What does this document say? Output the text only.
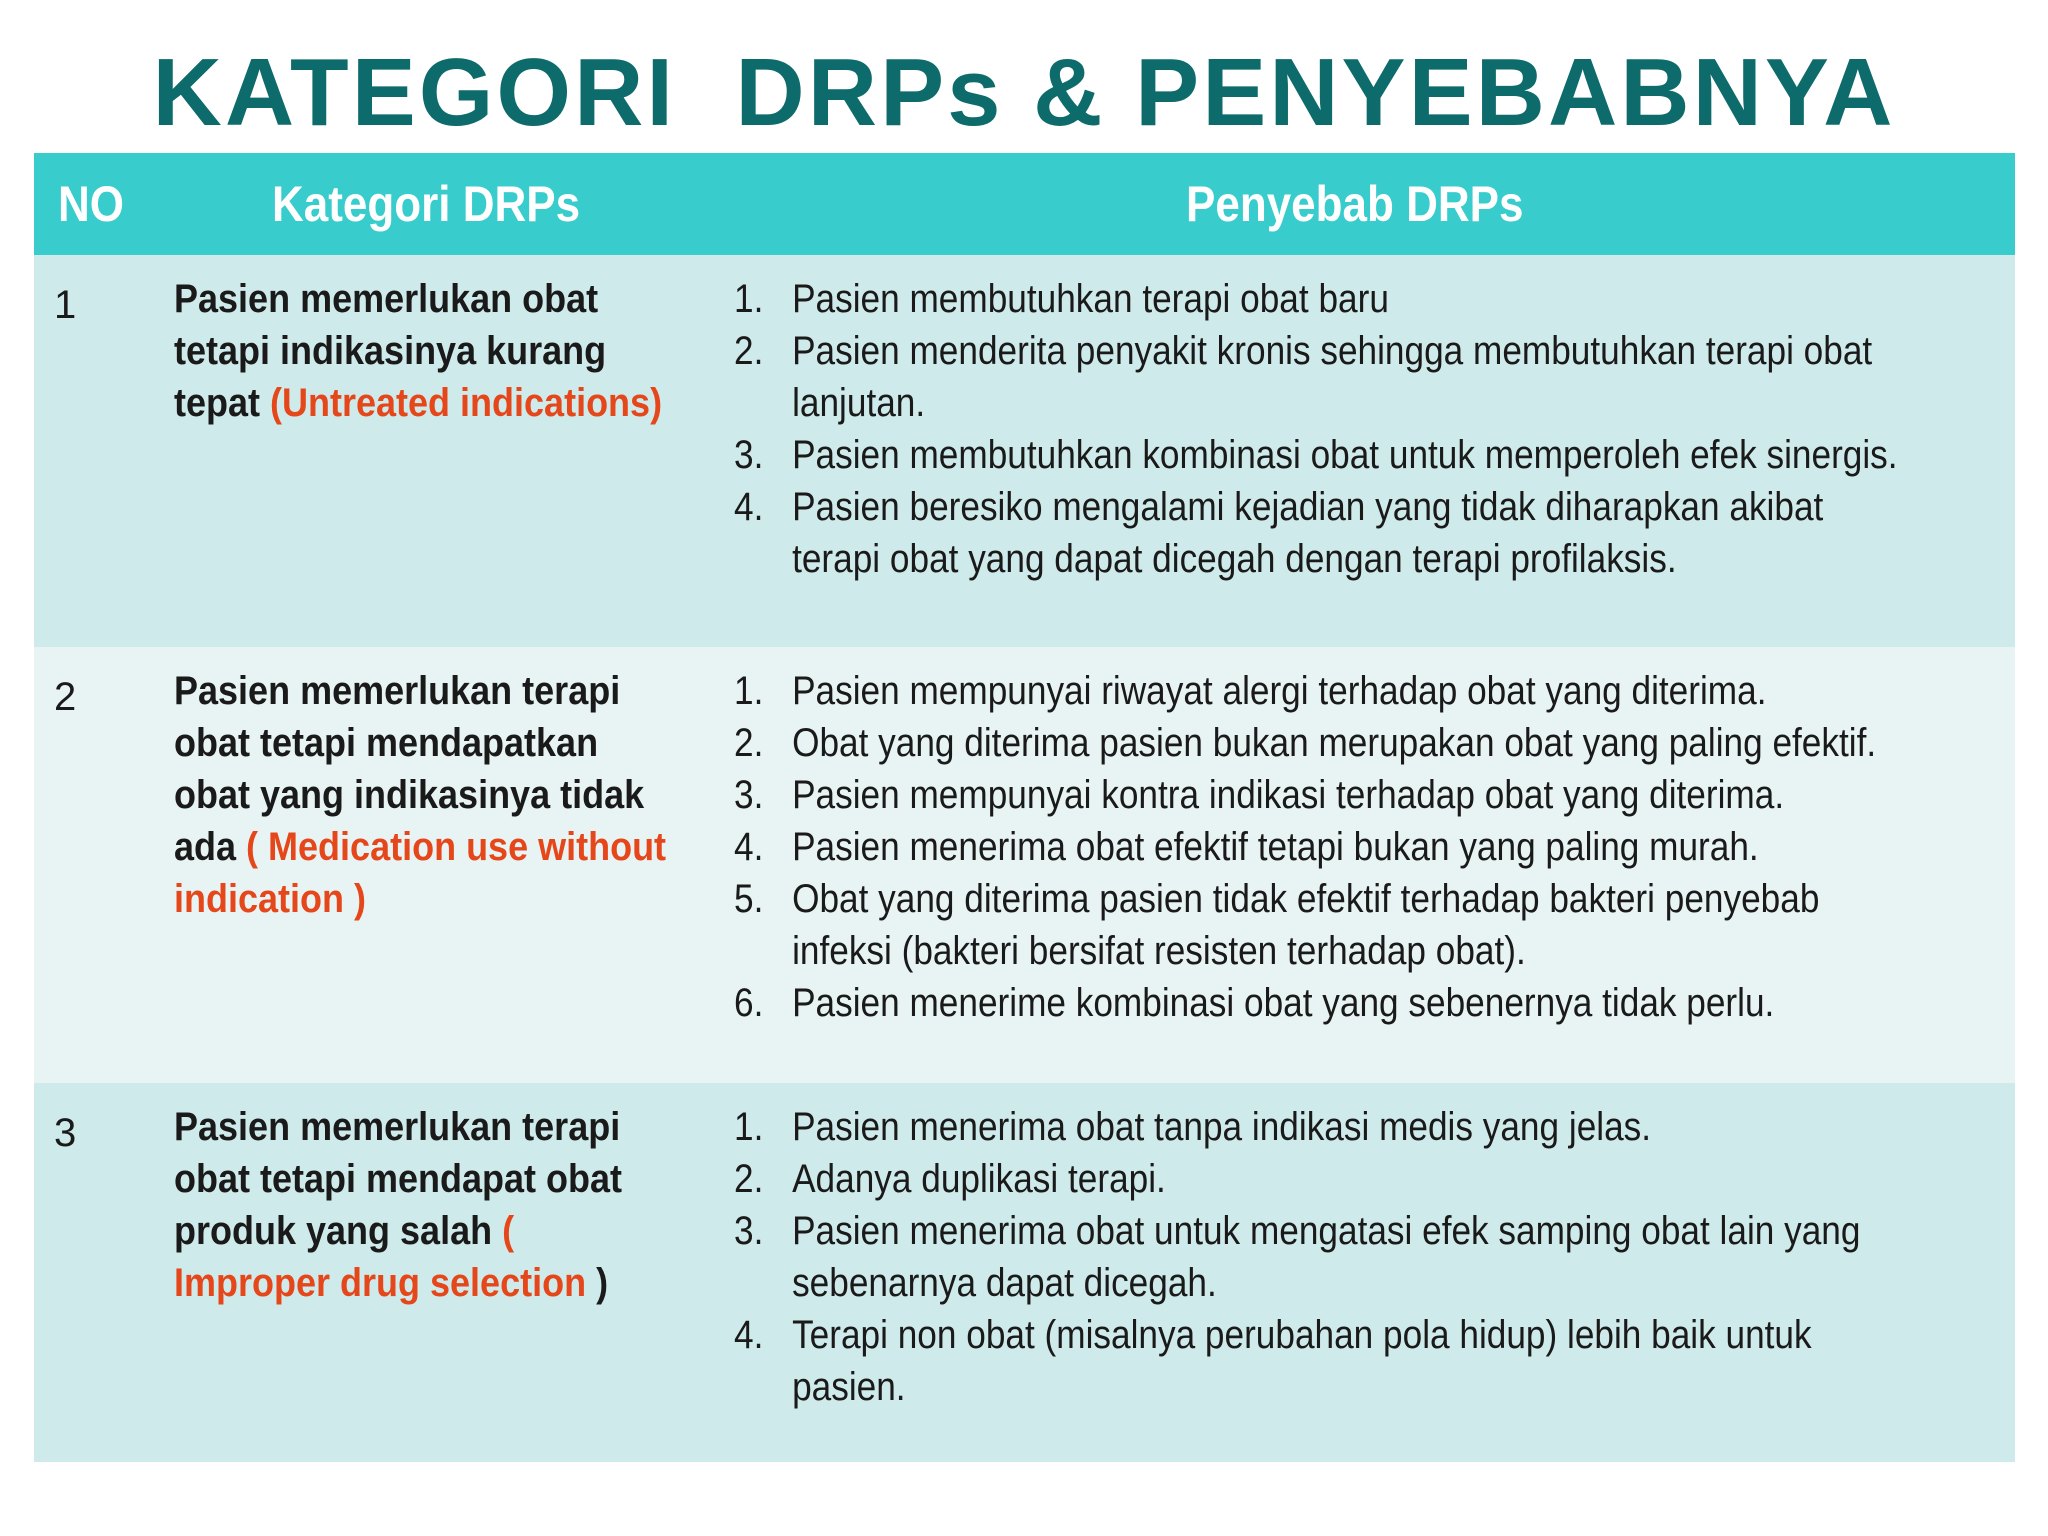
KATEGORI  DRPs & PENYEBABNYA
NO	Kategori DRPs	Penyebab DRPs
1 Pasien memerlukan obat tetapi indikasinya kurang tepat (Untreated indications)
1. Pasien membutuhkan terapi obat baru
2. Pasien menderita penyakit kronis sehingga membutuhkan terapi obat lanjutan.
3. Pasien membutuhkan kombinasi obat untuk memperoleh efek sinergis.
4. Pasien beresiko mengalami kejadian yang tidak diharapkan akibat terapi obat yang dapat dicegah dengan terapi profilaksis.
2 Pasien memerlukan terapi obat tetapi mendapatkan obat yang indikasinya tidak ada ( Medication use without indication )
1. Pasien mempunyai riwayat alergi terhadap obat yang diterima.
2. Obat yang diterima pasien bukan merupakan obat yang paling efektif.
3. Pasien mempunyai kontra indikasi terhadap obat yang diterima.
4. Pasien menerima obat efektif tetapi bukan yang paling murah.
5. Obat yang diterima pasien tidak efektif terhadap bakteri penyebab infeksi (bakteri bersifat resisten terhadap obat).
6. Pasien menerime kombinasi obat yang sebenernya tidak perlu.
3 Pasien memerlukan terapi obat tetapi mendapat obat produk yang salah ( Improper drug selection )
1. Pasien menerima obat tanpa indikasi medis yang jelas.
2. Adanya duplikasi terapi.
3. Pasien menerima obat untuk mengatasi efek samping obat lain yang sebenarnya dapat dicegah.
4. Terapi non obat (misalnya perubahan pola hidup) lebih baik untuk pasien.
